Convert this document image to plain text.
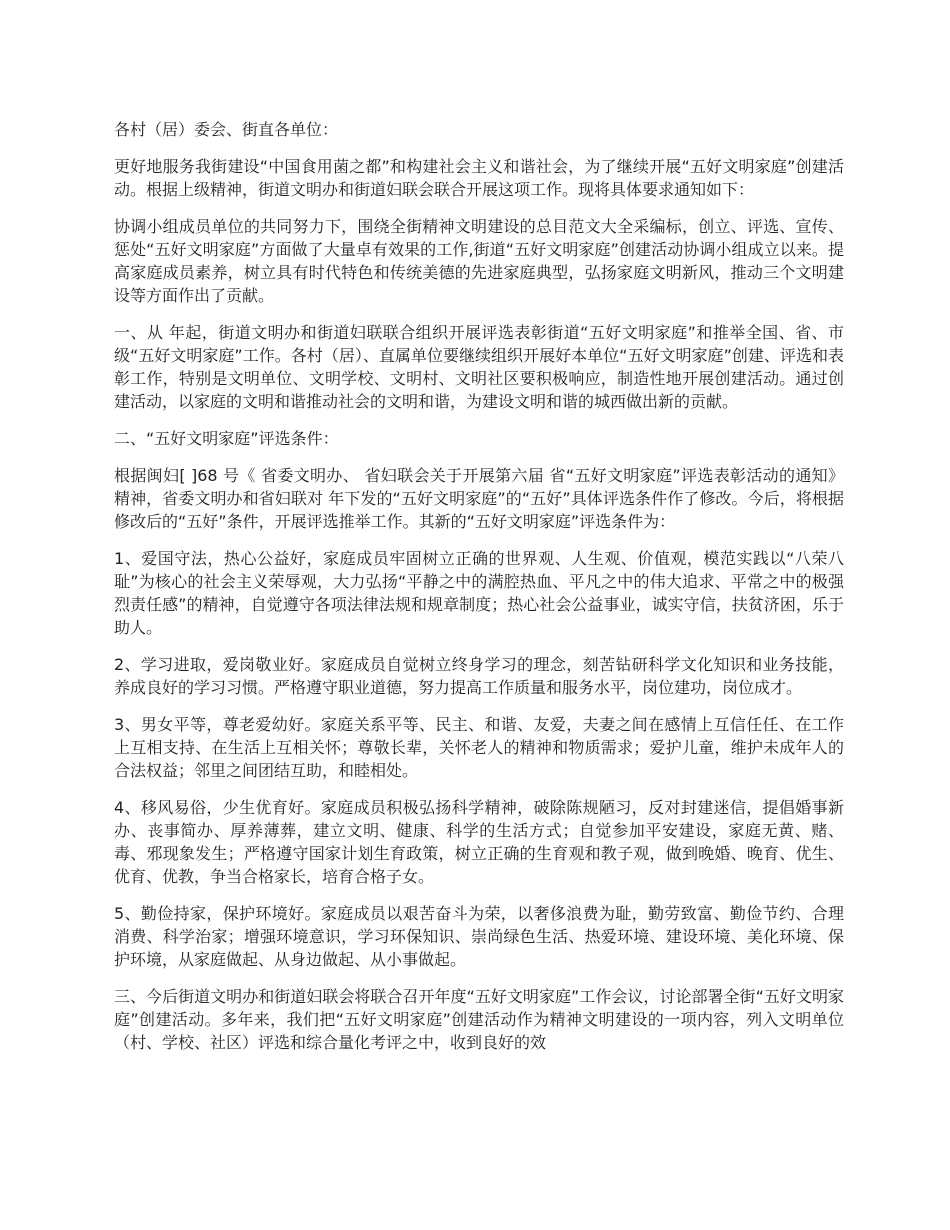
各村（居）委会、街直各单位：

更好地服务我街建设“中国食用菌之都”和构建社会主义和谐社会，为了继续开展“五好文明家庭”创建活动。根据上级精神，街道文明办和街道妇联会联合开展这项工作。现将具体要求通知如下：

协调小组成员单位的共同努力下，围绕全街精神文明建设的总目范文大全采编标，创立、评选、宣传、惩处“五好文明家庭”方面做了大量卓有效果的工作,街道“五好文明家庭”创建活动协调小组成立以来。提高家庭成员素养，树立具有时代特色和传统美德的先进家庭典型，弘扬家庭文明新风，推动三个文明建设等方面作出了贡献。

一、从 年起，街道文明办和街道妇联联合组织开展评选表彰街道“五好文明家庭”和推举全国、省、市级“五好文明家庭”工作。各村（居）、直属单位要继续组织开展好本单位“五好文明家庭”创建、评选和表彰工作，特别是文明单位、文明学校、文明村、文明社区要积极响应，制造性地开展创建活动。通过创建活动，以家庭的文明和谐推动社会的文明和谐，为建设文明和谐的城西做出新的贡献。

二、“五好文明家庭”评选条件：

根据闽妇[ ]68 号《 省委文明办、 省妇联会关于开展第六届 省“五好文明家庭”评选表彰活动的通知》精神，省委文明办和省妇联对 年下发的“五好文明家庭”的“五好”具体评选条件作了修改。今后，将根据修改后的“五好”条件，开展评选推举工作。其新的“五好文明家庭”评选条件为：

1、爱国守法，热心公益好，家庭成员牢固树立正确的世界观、人生观、价值观，模范实践以“八荣八耻”为核心的社会主义荣辱观，大力弘扬“平静之中的满腔热血、平凡之中的伟大追求、平常之中的极强烈责任感”的精神，自觉遵守各项法律法规和规章制度；热心社会公益事业，诚实守信，扶贫济困，乐于助人。

2、学习进取，爱岗敬业好。家庭成员自觉树立终身学习的理念，刻苦钻研科学文化知识和业务技能，养成良好的学习习惯。严格遵守职业道德，努力提高工作质量和服务水平，岗位建功，岗位成才。

3、男女平等，尊老爱幼好。家庭关系平等、民主、和谐、友爱，夫妻之间在感情上互信任任、在工作上互相支持、在生活上互相关怀；尊敬长辈，关怀老人的精神和物质需求；爱护儿童，维护未成年人的合法权益；邻里之间团结互助，和睦相处。

4、移风易俗，少生优育好。家庭成员积极弘扬科学精神，破除陈规陋习，反对封建迷信，提倡婚事新办、丧事简办、厚养薄葬，建立文明、健康、科学的生活方式；自觉参加平安建设，家庭无黄、赌、毒、邪现象发生；严格遵守国家计划生育政策，树立正确的生育观和教子观，做到晚婚、晚育、优生、优育、优教，争当合格家长，培育合格子女。

5、勤俭持家，保护环境好。家庭成员以艰苦奋斗为荣，以奢侈浪费为耻，勤劳致富、勤俭节约、合理消费、科学治家；增强环境意识，学习环保知识、崇尚绿色生活、热爱环境、建设环境、美化环境、保护环境，从家庭做起、从身边做起、从小事做起。

三、今后街道文明办和街道妇联会将联合召开年度“五好文明家庭”工作会议，讨论部署全街“五好文明家庭”创建活动。多年来，我们把“五好文明家庭”创建活动作为精神文明建设的一项内容，列入文明单位（村、学校、社区）评选和综合量化考评之中，收到良好的效
